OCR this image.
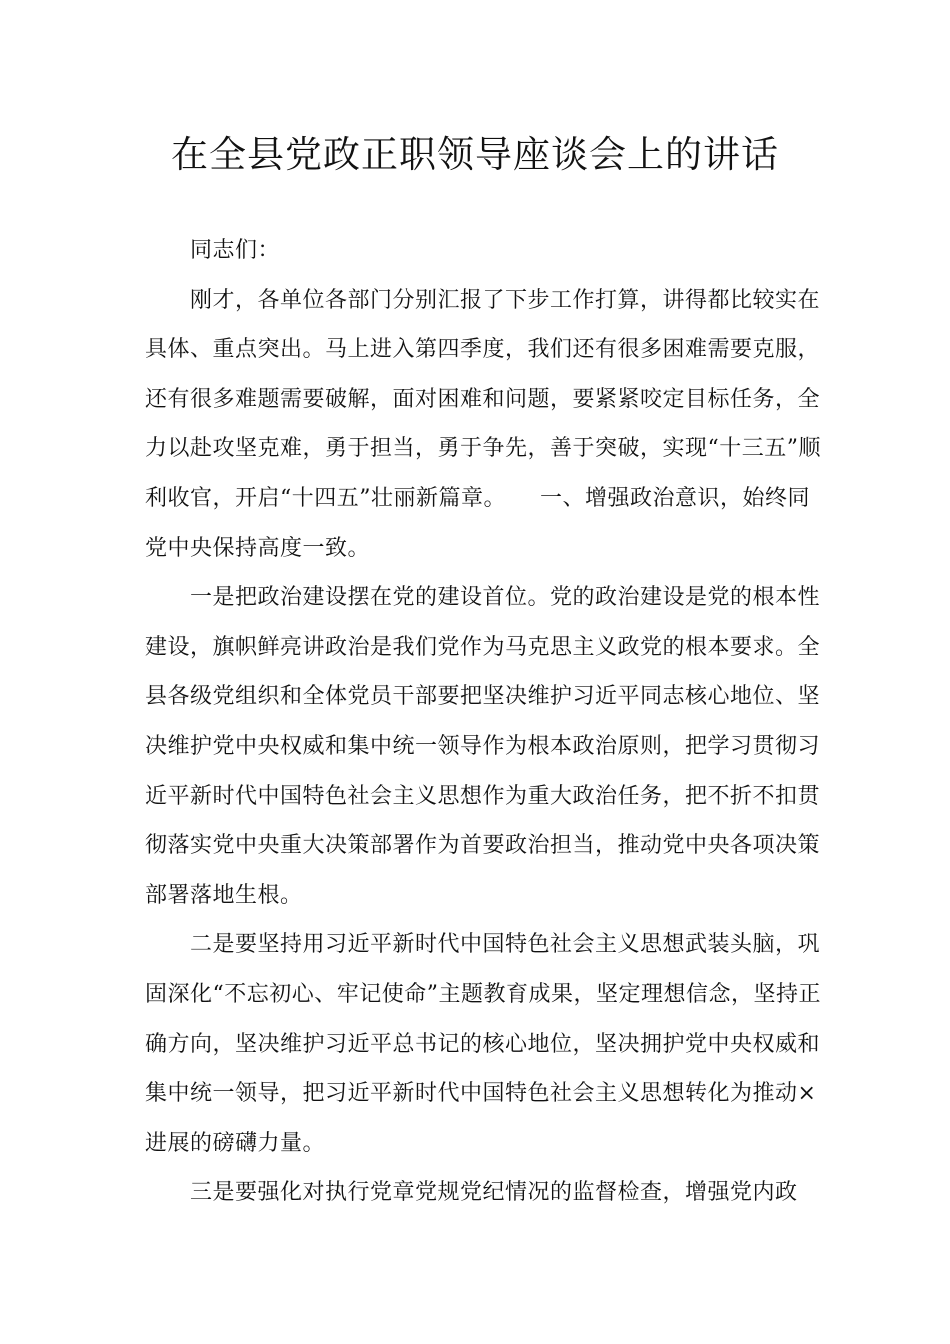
在全县党政正职领导座谈会上的讲话

同志们：

刚才，各单位各部门分别汇报了下步工作打算，讲得都比较实在具体、重点突出。马上进入第四季度，我们还有很多困难需要克服，还有很多难题需要破解，面对困难和问题，要紧紧咬定目标任务，全力以赴攻坚克难，勇于担当，勇于争先，善于突破，实现“十三五”顺利收官，开启“十四五”壮丽新篇章。　　一、增强政治意识，始终同党中央保持高度一致。

一是把政治建设摆在党的建设首位。党的政治建设是党的根本性建设，旗帜鲜亮讲政治是我们党作为马克思主义政党的根本要求。全县各级党组织和全体党员干部要把坚决维护习近平同志核心地位、坚决维护党中央权威和集中统一领导作为根本政治原则，把学习贯彻习近平新时代中国特色社会主义思想作为重大政治任务，把不折不扣贯彻落实党中央重大决策部署作为首要政治担当，推动党中央各项决策部署落地生根。

二是要坚持用习近平新时代中国特色社会主义思想武装头脑，巩固深化“不忘初心、牢记使命”主题教育成果，坚定理想信念，坚持正确方向，坚决维护习近平总书记的核心地位，坚决拥护党中央权威和集中统一领导，把习近平新时代中国特色社会主义思想转化为推动×进展的磅礴力量。

三是要强化对执行党章党规党纪情况的监督检查，增强党内政
